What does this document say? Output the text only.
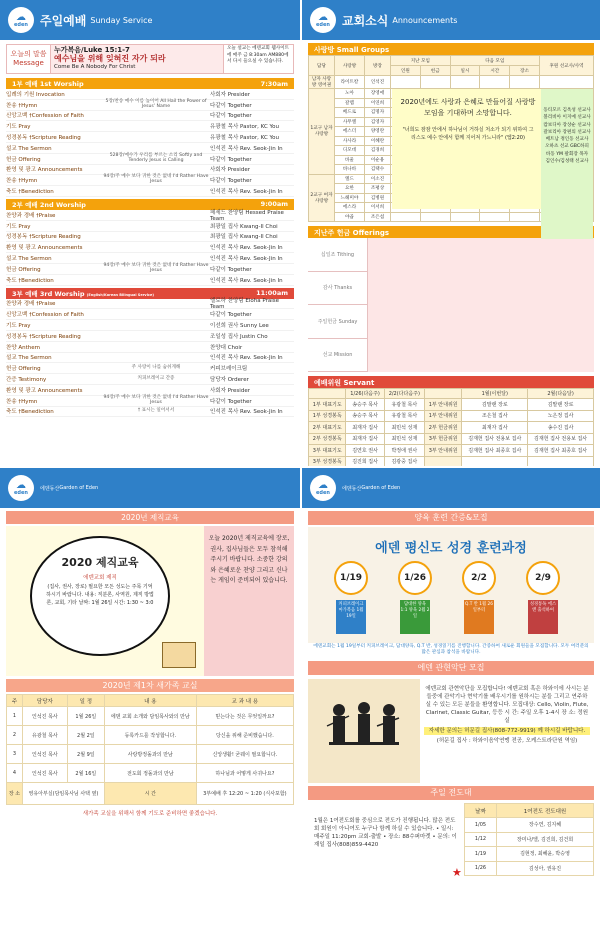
☁
eden 주일예배 Sunday Service
오늘의 말씀
Message
누가복음/Luke 15:1-7
예수님을 위해 잊혀진 자가 되라
Come Be A Nobody For Christ
오늘 설교는 에덴교회 웹사이트에 매주 금 8:30am AM880에서 다시 들으실 수 있습니다.
1부 예배 1st Worship	7:30am
입례의 기원 Invocation	사회자 Presider
찬송 †Hymn
5장/찬송 예수 이름 높이어 All Hail the Power of Jesus' Name	다같이 Together
신앙고백 †Confession of Faith	다같이 Together
기도 Pray	유광철 목사 Pastor, KC You
성경봉독 †Scripture Reading	유광철 목사 Pastor, KC You
설교 The Sermon	인석진 목사 Rev. Seok-Jin In
헌금 Offering
528장/예수가 우리를 부르는 소리 Softly and Tenderly Jesus is Calling	다같이 Together
환영 및 광고 Announcements	사회자 Presider
찬송 †Hymn
94장/주 예수 보다 귀한 것은 없네 I'd Rather Have Jesus	다같이 Together
축도 †Benediction	인석진 목사 Rev. Seok-Jin In
2부 예배 2nd Worship	9:00am
찬양과 경배 †Praise	헤세드 찬양팀 Hessed Praise Team
기도 Pray	최광일 집사 Kwang-Il Choi
성경봉독 †Scripture Reading	최광일 집사 Kwang-Il Choi
환영 및 광고 Announcements	인석진 목사 Rev. Seok-Jin In
설교 The Sermon	인석진 목사 Rev. Seok-Jin In
헌금 Offering
94장/주 예수 보다 귀한 것은 없네 I'd Rather Have Jesus	다같이 Together
축도 †Benediction	인석진 목사 Rev. Seok-Jin In
3부 예배 3rd Worship (English/Korean Bilingual Service)	11:00am
찬양과 경배 †Praise	엘로하 찬양팀 Eloha Praise Team
신앙고백 †Confession of Faith	다같이 Together
기도 Pray	이선희 권사 Sunny Lee
성경봉독 †Scripture Reading	조일성 집사 Justin Cho
찬양 Anthem	찬양대 Choir
설교 The Sermon	인석진 목사 Rev. Seok-Jin In
헌금 Offering	주 사랑이 나를 숨쉬게해	커피브레이크팀
간증 Testimony	커피브레이크 간증	담당자 Orderer
환영 및 광고 Announcements	사회자 Presider
찬송 †Hymn
94장/주 예수 보다 귀한 것은 없네 I'd Rather Have Jesus	다같이 Together
축도 †Benediction	† 표시는 일어서서	인석진 목사 Rev. Seok-Jin In
☁
eden 교회소식 Announcements
사랑방 Small Groups
담당	사랑방	방장	지난 모임		다음 모임			후원 선교사/사역
			인원	헌금	일시	시간	장소	
남자 사랑방 영어권	라이트칼	인석진						
1교구 남자 사랑방	노아	장영애						
	갈렙	이연희						
	베드로	김명자						
	사무엘	김영자						
	에스더	양영란						
	사사라	이혜란						
	디모데	김경희						
	바울	이순용						
	바나바	김택수						
2교구 여자 사랑방	엘드	이소진						
	요한	조평상						
	느헤미야	김병원						
	에스라	이서희						
	야곱	조은섭						
2020년에도 사랑과 은혜로 만들어질 사랑방 모임을 기대하며 소망합니다.
"너희도 잠잠 안에서 하나님이 거하실 처소가 되기 위하여 그리스도 예수 안에서 함께 지어져 가느니라" (엡2:20)
동티모르 김옥성 선교사 볼리비아 이지예 선교사 캄보디아 장상순 선교사 갈보리아 장편의 선교사 베트남 정인동 선교사 오하츠 선교 GBC하피바동 YM 팔회장 목자 김인수/김성태 선교사
지난주 헌금 Offerings
십일조 Tithing
감사 Thanks
주일헌금 Sunday
선교 Mission
예배위원 Servant
	1/26(다음주)	2/2(다다음주)		1월(이번달)	2월(다음달)
1부 대표기도	송승주 목사	유광철 목사	1부 안내위원	김말랜 장로	김말랜 장로
1부 성경봉독	송승주 목사	유광철 목사	1부 안내위원	조은철 집사	노은정 집사
2부 대표기도	최재자 집사	최민석 성재	2부 헌금위원	최재자 집사	송수진 집사
2부 성경봉독	최재자 집사	최민석 성재	3부 헌금위원	김재헌 집사 전용보 집사	김재헌 집사 전용보 집사
3부 대표기도	김연호 권사	박정애 권사	3부 안내위원	김재헌 집사 최종호 집사	김재헌 집사 최종호 집사
3부 성경봉독	김진희 집사	김광중 집사			
☁
eden
에덴동산 Garden of Eden
2020년 제직교육
2020 제직교육
에덴교회 제직
(집사, 권사, 장로) 필요한 모든 성도는 주목 기억하시기 바랍니다. 내용: 직분론, 사역원, 제직 방법론, 교회, 기타 날짜: 1월 26일 시간: 1:30 ~ 3:0
오늘 2020년 제직교육에 장로, 권사, 집사님들은 모두 참석해 주시기 바랍니다. 소중한 강의와 은혜로운 찬양 그리고 신나는 게임이 준비되어 있습니다.
2020년 제1차 새가족 교실
주	담당자	일 정	내 용	교 과 내 용
1	인석진 목사	1월 26일	에덴 교회 소개와 담임목사와의 만남	믿는다는 것은 무엇일까요?
2	유광철 목사	2월 2일	등록카드를 작성합니다.	당신을 위해 준비했습니다.
3	인석진 목사	2월 9일	사랑방정돌과의 만남	신앙생활! 굳웨이 필요합니다.
4	인석진 목사	2월 16일	전도회 정돌과의 만남	하나님과 어떻게 사귀나요?
장 소	영유아부실(담임목사님 사택 옆)		시 간	3부예배 후 12:20 ~ 1:20 (식사포함)
새가족 교실을 위해서 함께 기도로 준비하면 좋겠습니다.
☁
eden
에덴동산 Garden of Eden
양육 훈련 간증&모집
에덴 평신도 성경 훈련과정
1/19	1/26	2/2	2/9
커피브레이크 마가복음 1월 19일
담대한 양육 1:1 양육 2월 2일
Q.T 반 1월 26일부터
성경통독 에스 앤 출석하여
에덴교회는 1월 19일부터 커피브레이크, 담대양육, Q.T 반, 성경읽기를 진행합니다. 간증하여 새로운 회원들을 모집합니다. 모두 여러분의 많은 관심과 참석을 바랍니다.
에덴 관현악단 모집
에덴교회 관현악단을 모집합니다! 에덴교회 혹은 하와이에 사시는 분들중에 관악기나 현악기를 배우시기를 원하시는 분들 그리고 연주하실 수 있는 모든 분들을 환영합니다. 모집대상: Cello, Violin, Flute, Clarinet, Classic Guitar, 등등 시 간: 주일 오후 1-4시 장 소: 정원실
자세한 문의는 허문길 집사(808-772-9919) 께 하시길 바랍니다.
(허문길 집사 : 하와이음악연맹 전공, 오케스트라단원 역임)
주일 전도대
1월은 1여전도회를 중심으로 전도가 진행됩니다. 많은 전도회 회원이 아니여도 누구나 함께 하실 수 있습니다. • 일시: 매주일 11:20pm 교회-출발 • 장소: 88수퍼마켓 • 문의: 이재일 집사(808)859-4420
★
날짜	1여전도 전도대원
1/05	장수연, 김지혜
1/12	장미나/엘, 김진희, 김건희
1/19	김현정, 최혜윤, 박승영
1/26	김성아, 권유진
